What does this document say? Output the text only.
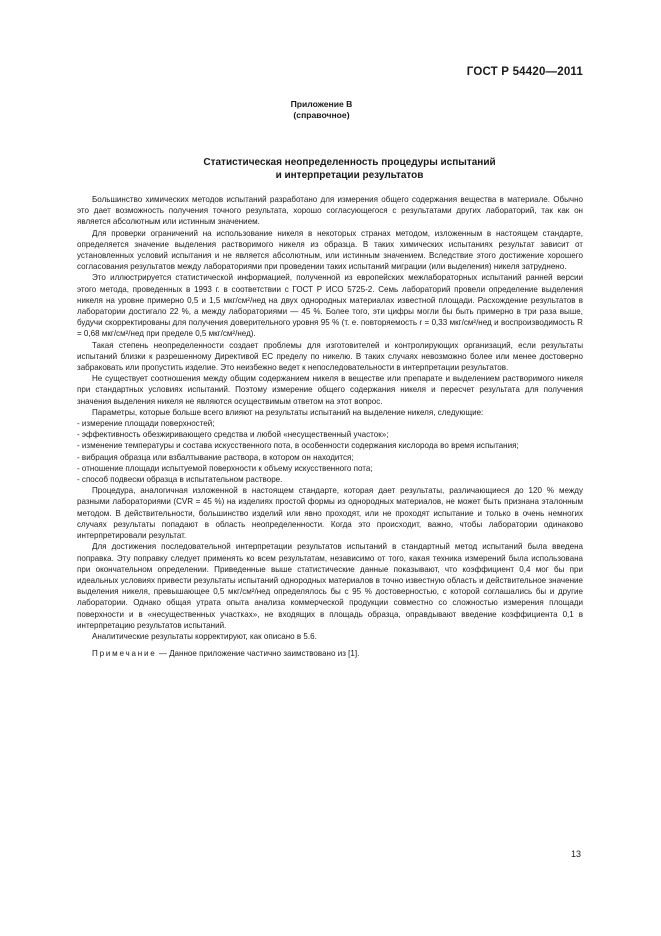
ГОСТ Р 54420—2011
Приложение В
(справочное)
Статистическая неопределенность процедуры испытаний
и интерпретации результатов

Большинство химических методов испытаний разработано для измерения общего содержания вещества в материале. Обычно это дает возможность получения точного результата, хорошо согласующегося с результатами других лабораторий, так как он является абсолютным или истинным значением.

Для проверки ограничений на использование никеля в некоторых странах методом, изложенным в настоящем стандарте, определяется значение выделения растворимого никеля из образца. В таких химических испытаниях результат зависит от установленных условий испытания и не является абсолютным, или истинным значением. Вследствие этого достижение хорошего согласования результатов между лабораториями при проведении таких испытаний миграции (или выделения) никеля затруднено.

Это иллюстрируется статистической информацией, полученной из европейских межлабораторных испытаний ранней версии этого метода, проведенных в 1993 г. в соответствии с ГОСТ Р ИСО 5725-2. Семь лабораторий провели определение выделения никеля на уровне примерно 0,5 и 1,5 мкг/см²/нед на двух однородных материалах известной площади. Расхождение результатов в лаборатории достигало 22 %, а между лабораториями — 45 %. Более того, эти цифры могли бы быть примерно в три раза выше, будучи скорректированы для получения доверительного уровня 95 % (т. е. повторяемость r = 0,33 мкг/см²/нед и воспроизводимость R = 0,68 мкг/см²/нед при пределе 0,5 мкг/см²/нед).

Такая степень неопределенности создает проблемы для изготовителей и контролирующих организаций, если результаты испытаний близки к разрешенному Директивой ЕС пределу по никелю. В таких случаях невозможно более или менее достоверно забраковать или пропустить изделие. Это неизбежно ведет к непоследовательности в интерпретации результатов.

Не существует соотношения между общим содержанием никеля в веществе или препарате и выделением растворимого никеля при стандартных условиях испытаний. Поэтому измерение общего содержания никеля и пересчет результата для получения значения выделения никеля не являются осуществимым ответом на этот вопрос.

Параметры, которые больше всего влияют на результаты испытаний на выделение никеля, следующие:

- измерение площади поверхностей;

- эффективность обезжиривающего средства и любой «несущественный участок»;

- изменение температуры и состава искусственного пота, в особенности содержания кислорода во время испытания;

- вибрация образца или взбалтывание раствора, в котором он находится;

- отношение площади испытуемой поверхности к объему искусственного пота;

- способ подвески образца в испытательном растворе.

Процедура, аналогичная изложенной в настоящем стандарте, которая дает результаты, различающиеся до 120 % между разными лабораториями (CVR = 45 %) на изделиях простой формы из однородных материалов, не может быть признана эталонным методом. В действительности, большинство изделий или явно проходят, или не проходят испытание и только в очень немногих случаях результаты попадают в область неопределенности. Когда это происходит, важно, чтобы лаборатории одинаково интерпретировали результат.

Для достижения последовательной интерпретации результатов испытаний в стандартный метод испытаний была введена поправка. Эту поправку следует применять ко всем результатам, независимо от того, какая техника измерений была использована при окончательном определении. Приведенные выше статистические данные показывают, что коэффициент 0,4 мог бы при идеальных условиях привести результаты испытаний однородных материалов в точно известную область и действительное значение выделения никеля, превышающее 0,5 мкг/см²/нед определялось бы с 95 % достоверностью, с которой соглашались бы и другие лаборатории. Однако общая утрата опыта анализа коммерческой продукции совместно со сложностью измерения площади поверхности и в «несущественных участках», не входящих в площадь образца, оправдывают введение коэффициента 0,1 в интерпретацию результатов испытаний.

Аналитические результаты корректируют, как описано в 5.6.

Примечание — Данное приложение частично заимствовано из [1].

13
